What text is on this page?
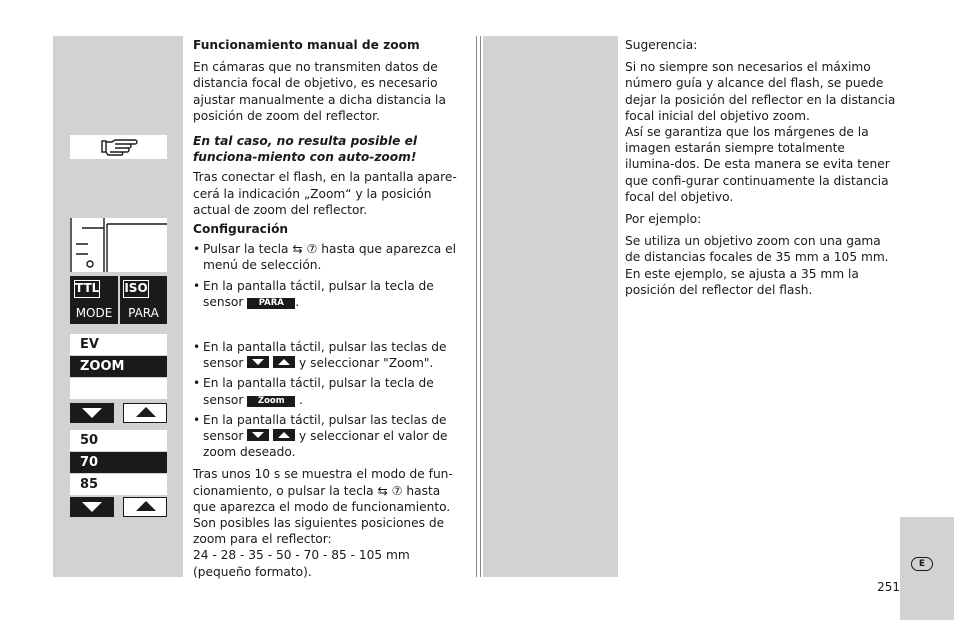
TTL
MODE
ISO
PARA
EV
ZOOM
50
70
85

Funcionamiento manual de zoom

En cámaras que no transmiten datos de distancia focal de objetivo, es necesario ajustar manualmente a dicha distancia la posición de zoom del reflector.

En tal caso, no resulta posible el funciona-miento con auto-zoom!

Tras conectar el flash, en la pantalla apare-cerá la indicación „Zoom“ y la posición actual de zoom del reflector.

Configuración

• Pulsar la tecla ⇆ ⑦ hasta que aparezca el menú de selección.
• En la pantalla táctil, pulsar la tecla de sensor PARA .
• En la pantalla táctil, pulsar las teclas de sensor	y seleccionar "Zoom".
• En la pantalla táctil, pulsar la tecla de sensor Zoom .
• En la pantalla táctil, pulsar las teclas de sensor	y seleccionar el valor de zoom deseado.

Tras unos 10 s se muestra el modo de fun-cionamiento, o pulsar la tecla ⇆ ⑦ hasta que aparezca el modo de funcionamiento.
Son posibles las siguientes posiciones de zoom para el reflector:
24 - 28 - 35 - 50 - 70 - 85 - 105 mm
(pequeño formato).

Sugerencia:

Si no siempre son necesarios el máximo número guía y alcance del flash, se puede dejar la posición del reflector en la distancia focal inicial del objetivo zoom.

Así se garantiza que los márgenes de la imagen estarán siempre totalmente ilumina-dos. De esta manera se evita tener que confi-gurar continuamente la distancia focal del objetivo.

Por ejemplo:

Se utiliza un objetivo zoom con una gama de distancias focales de 35 mm a 105 mm. En este ejemplo, se ajusta a 35 mm la posición del reflector del flash.

E
251
